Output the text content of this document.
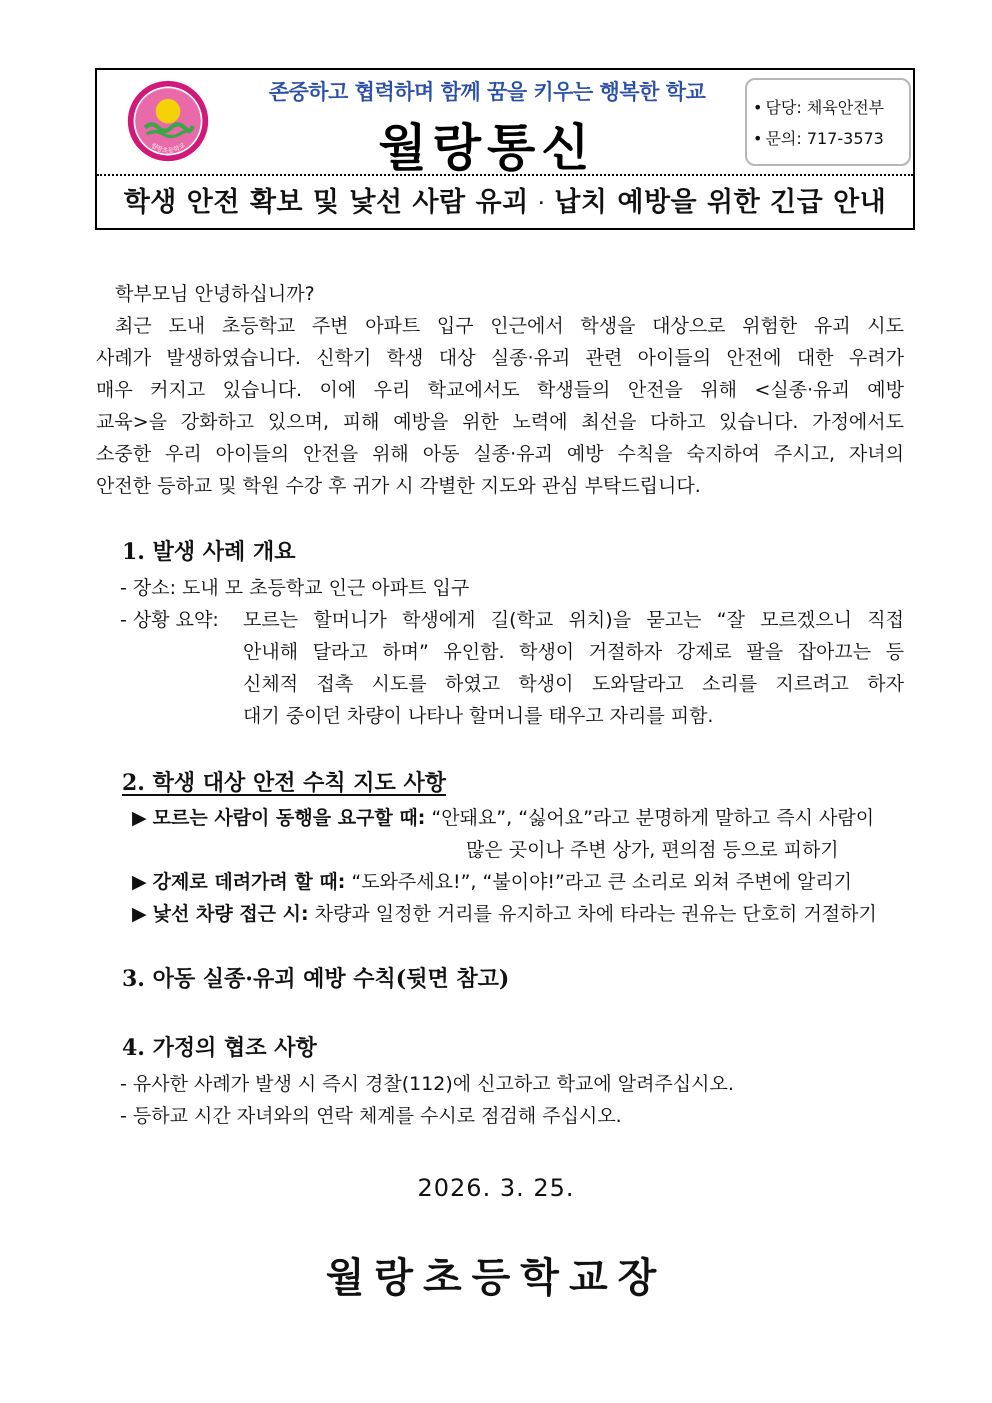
월랑초등학교
존중하고 협력하며 함께 꿈을 키우는 행복한 학교
월랑통신
• 담당: 체육안전부
• 문의: 717-3573
학생 안전 확보 및 낯선 사람 유괴 · 납치 예방을 위한 긴급 안내
학부모님 안녕하십니까?
최근 도내 초등학교 주변 아파트 입구 인근에서 학생을 대상으로 위험한 유괴 시도
사례가 발생하였습니다. 신학기 학생 대상 실종·유괴 관련 아이들의 안전에 대한 우려가
매우 커지고 있습니다. 이에 우리 학교에서도 학생들의 안전을 위해 <실종·유괴 예방
교육>을 강화하고 있으며, 피해 예방을 위한 노력에 최선을 다하고 있습니다. 가정에서도
소중한 우리 아이들의 안전을 위해 아동 실종·유괴 예방 수칙을 숙지하여 주시고, 자녀의
안전한 등하교 및 학원 수강 후 귀가 시 각별한 지도와 관심 부탁드립니다.
1. 발생 사례 개요
- 장소: 도내 모 초등학교 인근 아파트 입구
- 상황 요약: 모르는 할머니가 학생에게 길(학교 위치)을 묻고는 “잘 모르겠으니 직접
안내해 달라고 하며” 유인함. 학생이 거절하자 강제로 팔을 잡아끄는 등
신체적 접촉 시도를 하였고 학생이 도와달라고 소리를 지르려고 하자
대기 중이던 차량이 나타나 할머니를 태우고 자리를 피함.
2. 학생 대상 안전 수칙 지도 사항
▶ 모르는 사람이 동행을 요구할 때: “안돼요”, “싫어요”라고 분명하게 말하고 즉시 사람이
많은 곳이나 주변 상가, 편의점 등으로 피하기
▶ 강제로 데려가려 할 때: “도와주세요!”, “불이야!”라고 큰 소리로 외쳐 주변에 알리기
▶ 낯선 차량 접근 시: 차량과 일정한 거리를 유지하고 차에 타라는 권유는 단호히 거절하기
3. 아동 실종·유괴 예방 수칙(뒷면 참고)
4. 가정의 협조 사항
- 유사한 사례가 발생 시 즉시 경찰(112)에 신고하고 학교에 알려주십시오.
- 등하교 시간 자녀와의 연락 체계를 수시로 점검해 주십시오.
2026. 3. 25.
월랑초등학교장
